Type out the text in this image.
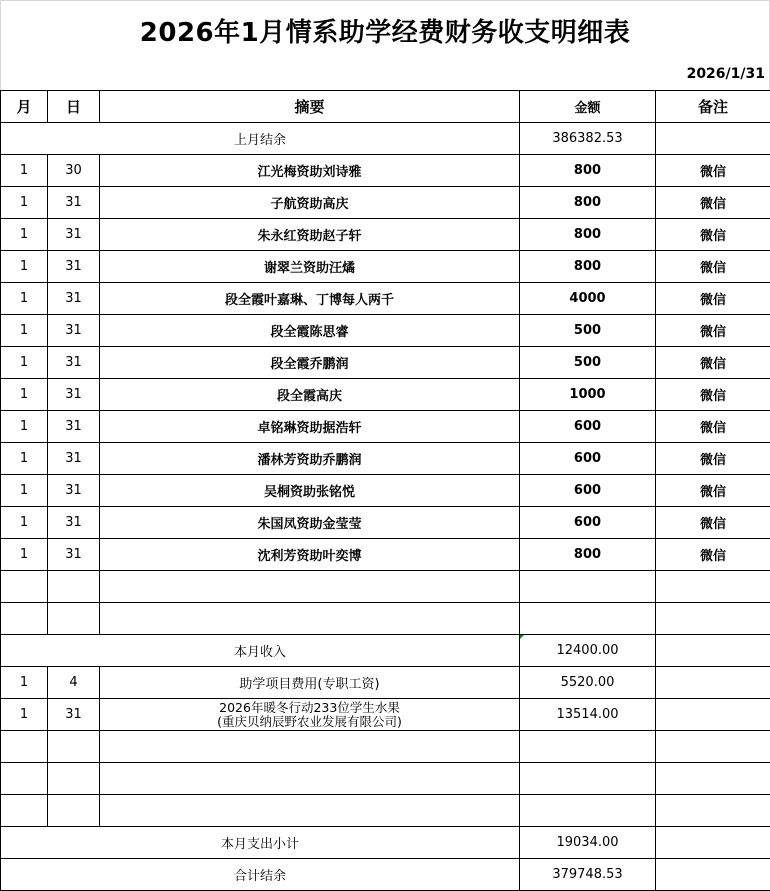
2026年1月情系助学经费财务收支明细表
2026/1/31
月	日	摘要	金额	备注
上月结余			386382.53	
1	30	江光梅资助刘诗雅	800	微信
1	31	子航资助高庆	800	微信
1	31	朱永红资助赵子轩	800	微信
1	31	谢翠兰资助汪燏	800	微信
1	31	段全霞叶嘉琳、丁博每人两千	4000	微信
1	31	段全霞陈思睿	500	微信
1	31	段全霞乔鹏润	500	微信
1	31	段全霞高庆	1000	微信
1	31	卓铭琳资助据浩轩	600	微信
1	31	潘林芳资助乔鹏润	600	微信
1	31	吴桐资助张铭悦	600	微信
1	31	朱国凤资助金莹莹	600	微信
1	31	沈利芳资助叶奕博	800	微信

本月收入			12400.00	
1	4	助学项目费用(专职工资)	5520.00	
1	31	2026年暖冬行动233位学生水果
(重庆贝纳辰野农业发展有限公司)	13514.00	

本月支出小计			19034.00	
合计结余			379748.53	
